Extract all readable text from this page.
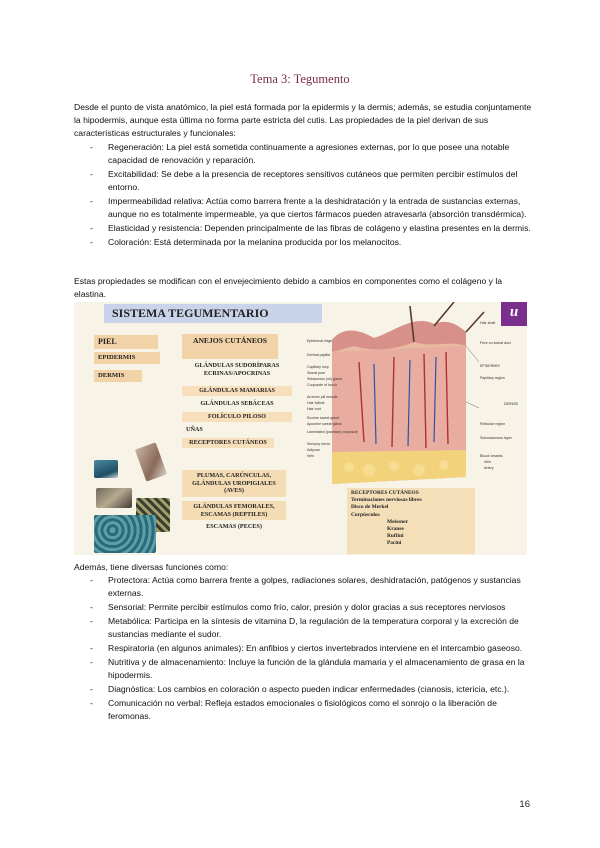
Tema 3: Tegumento

Desde el punto de vista anatómico, la piel está formada por la epidermis y la dermis; además, se estudia conjuntamente la hipodermis, aunque esta última no forma parte estricta del cutis. Las propiedades de la piel derivan de sus características estructurales y funcionales:

- Regeneración: La piel está sometida continuamente a agresiones externas, por lo que posee una notable capacidad de renovación y reparación.
- Excitabilidad: Se debe a la presencia de receptores sensitivos cutáneos que permiten percibir estímulos del entorno.
- Impermeabilidad relativa: Actúa como barrera frente a la deshidratación y la entrada de sustancias externas, aunque no es totalmente impermeable, ya que ciertos fármacos pueden atravesarla (absorción transdérmica).
- Elasticidad y resistencia: Dependen principalmente de las fibras de colágeno y elastina presentes en la dermis.
- Coloración: Está determinada por la melanina producida por los melanocitos.

Estas propiedades se modifican con el envejecimiento debido a cambios en componentes como el colágeno y la elastina.

SISTEMA TEGUMENTARIO	u
PIEL
EPIDERMIS
DERMIS
ANEJOS CUTÁNEOS
GLÁNDULAS SUDORÍPARAS ECRINAS/APOCRINAS
GLÁNDULAS MAMARIAS
GLÁNDULAS SEBÁCEAS
FOLÍCULO PILOSO
UÑAS
RECEPTORES CUTÁNEOS
PLUMAS, CARÚNCULAS, GLÁNDULAS UROPIGIALES (AVES)
GLÁNDULAS FEMORALES, ESCAMAS (REPTILES)
ESCAMAS (PECES)
Epidermal ridge
Dermal papilla
Capillary loop
Sweat pore
Sebaceous (oil) gland
Corpuscle of touch
Arrector pili muscle
Hair follicle
Hair root
Eccrine sweat gland
Apocrine sweat gland
Lamellated (pacinian) corpuscle
Sensory nerve
Adipose
Vein
Hair shaft
Pore on sweat duct
EPIDERMIS
Papillary region
DERMIS
Reticular region
Subcutaneous layer
Blood vessels:
Vein
Artery
RECEPTORES CUTÁNEOS
Terminaciones nerviosas libres
Disco de Merkel
Corpúsculos
Meissner
Krause
Ruffini
Pacini

Además, tiene diversas funciones como:

- Protectora: Actúa como barrera frente a golpes, radiaciones solares, deshidratación, patógenos y sustancias externas.
- Sensorial: Permite percibir estímulos como frío, calor, presión y dolor gracias a sus receptores nerviosos
- Metabólica: Participa en la síntesis de vitamina D, la regulación de la temperatura corporal y la excreción de sustancias mediante el sudor.
- Respiratoria (en algunos animales): En anfibios y ciertos invertebrados interviene en el intercambio gaseoso.
- Nutritiva y de almacenamiento: Incluye la función de la glándula mamaria y el almacenamiento de grasa en la hipodermis.
- Diagnóstica: Los cambios en coloración o aspecto pueden indicar enfermedades (cianosis, ictericia, etc.).
- Comunicación no verbal: Refleja estados emocionales o fisiológicos como el sonrojo o la liberación de feromonas.
16
